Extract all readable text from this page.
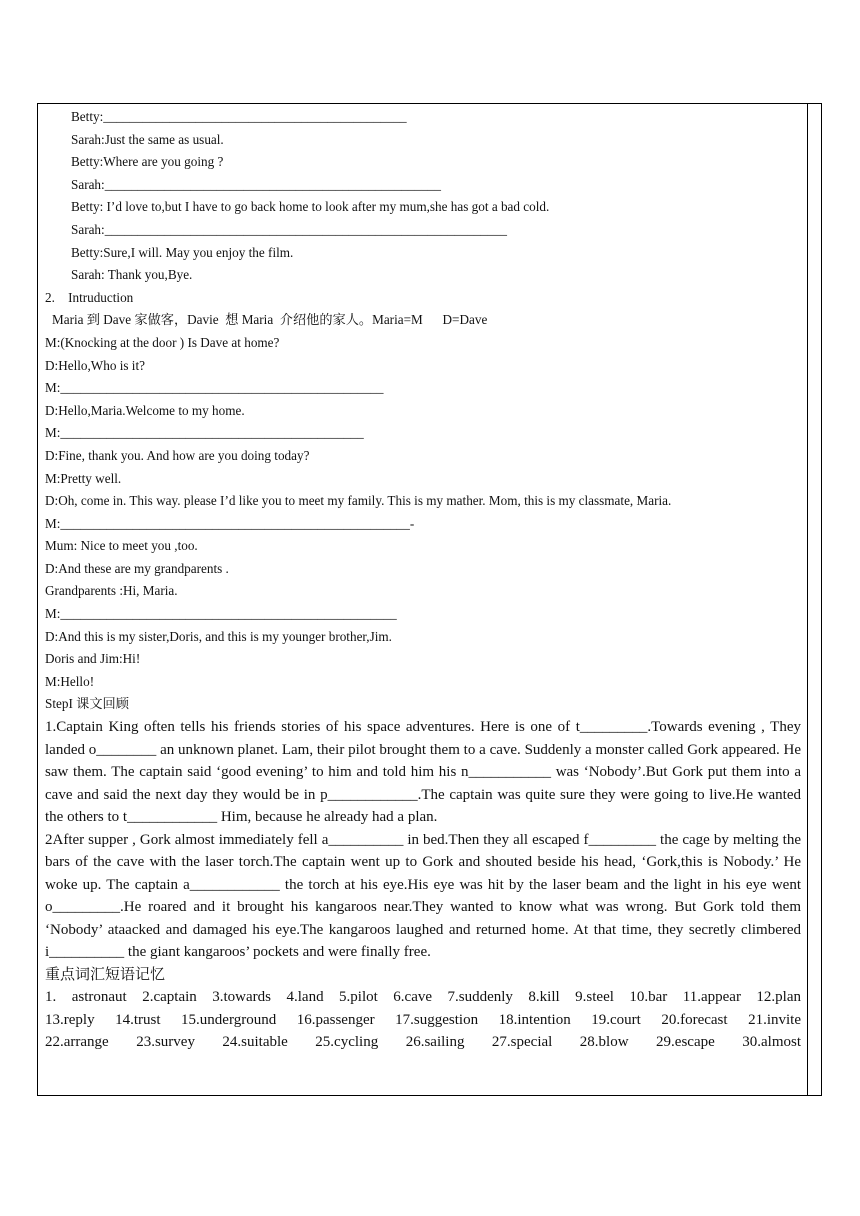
Betty:______________________________________________
Sarah:Just the same as usual.
Betty:Where are you going ?
Sarah:___________________________________________________
Betty: I’d love to,but I have to go back home to look after my mum,she has got a bad cold.
Sarah:_____________________________________________________________
Betty:Sure,I will. May you enjoy the film.
Sarah: Thank you,Bye.
2.    Intruduction
Maria 到 Dave 家做客，Davie  想 Maria  介绍他的家人。Maria=M      D=Dave
M:(Knocking at the door ) Is Dave at home?
D:Hello,Who is it?
M:_________________________________________________
D:Hello,Maria.Welcome to my home.
M:______________________________________________
D:Fine, thank you. And how are you doing today?
M:Pretty well.
D:Oh, come in. This way. please I’d like you to meet my family. This is my mather. Mom, this is my classmate, Maria.
M:_____________________________________________________-
Mum: Nice to meet you ,too.
D:And these are my grandparents .
Grandparents :Hi, Maria.
M:___________________________________________________
D:And this is my sister,Doris, and this is my younger brother,Jim.
Doris and Jim:Hi!
M:Hello!
StepI 课文回顾
1.Captain King often tells his friends stories of his space adventures. Here is one of t_________.Towards evening , They landed o________ an unknown planet. Lam, their pilot brought them to a cave. Suddenly a monster called Gork appeared. He saw them. The captain said ‘good evening’ to him and told him his n___________ was ‘Nobody’.But Gork put them into a cave and said the next day they would be in p____________.The captain was quite sure they were going to live.He wanted the others to t____________ Him, because he already had a plan.
2After supper , Gork almost immediately fell a__________ in bed.Then they all escaped f_________ the cage by melting the bars of the cave with the laser torch.The captain went up to Gork and shouted beside his head, ‘Gork,this is Nobody.’ He woke up. The captain a____________ the torch at his eye.His eye was hit by the laser beam and the light in his eye went o_________.He roared and it brought his kangaroos near.They wanted to know what was wrong. But Gork told them ‘Nobody’ ataacked and damaged his eye.The kangaroos laughed and returned home. At that time, they secretly climbered i__________ the giant kangaroos’ pockets and were finally free.
重点词汇短语记忆
1. astronaut 2.captain 3.towards 4.land 5.pilot 6.cave 7.suddenly 8.kill 9.steel 10.bar 11.appear 12.plan
13.reply 14.trust 15.underground 16.passenger 17.suggestion 18.intention 19.court 20.forecast 21.invite
22.arrange 23.survey 24.suitable 25.cycling 26.sailing 27.special 28.blow 29.escape 30.almost
